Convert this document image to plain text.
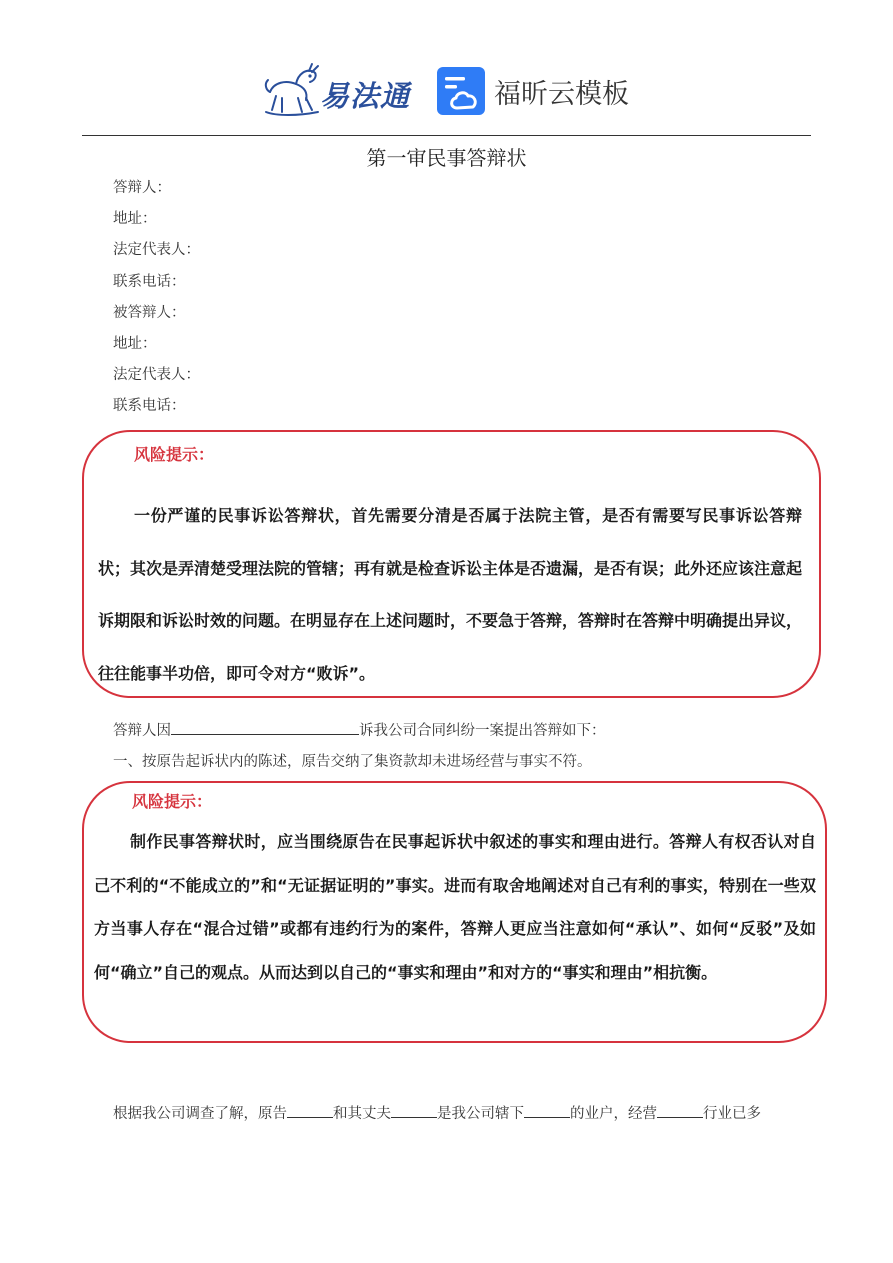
易法通	福昕云模板
第一审民事答辩状
答辩人：
地址：
法定代表人：
联系电话：
被答辩人：
地址：
法定代表人：
联系电话：
风险提示：
一份严谨的民事诉讼答辩状，首先需要分清是否属于法院主管，是否有需要写民事诉讼答辩状；其次是弄清楚受理法院的管辖；再有就是检查诉讼主体是否遗漏，是否有误；此外还应该注意起诉期限和诉讼时效的问题。在明显存在上述问题时，不要急于答辩，答辩时在答辩中明确提出异议，往往能事半功倍，即可令对方“败诉”。
答辩人因	诉我公司合同纠纷一案提出答辩如下：
一、按原告起诉状内的陈述，原告交纳了集资款却未进场经营与事实不符。
风险提示：
制作民事答辩状时，应当围绕原告在民事起诉状中叙述的事实和理由进行。答辩人有权否认对自己不利的“不能成立的”和“无证据证明的”事实。进而有取舍地阐述对自己有利的事实，特别在一些双方当事人存在“混合过错”或都有违约行为的案件，答辩人更应当注意如何“承认”、如何“反驳”及如何“确立”自己的观点。从而达到以自己的“事实和理由”和对方的“事实和理由”相抗衡。
根据我公司调查了解，原告	和其丈夫	是我公司辖下	的业户，经营	行业已多
